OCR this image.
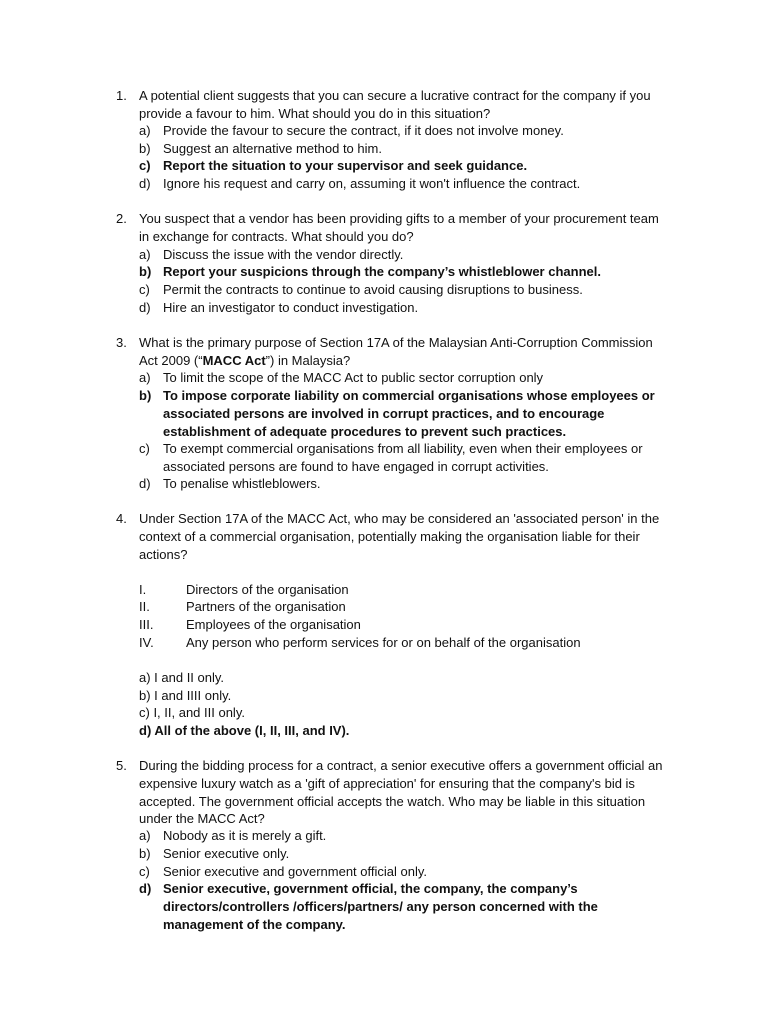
1. A potential client suggests that you can secure a lucrative contract for the company if you provide a favour to him. What should you do in this situation?
a) Provide the favour to secure the contract, if it does not involve money.
b) Suggest an alternative method to him.
c) Report the situation to your supervisor and seek guidance.
d) Ignore his request and carry on, assuming it won't influence the contract.
2. You suspect that a vendor has been providing gifts to a member of your procurement team in exchange for contracts. What should you do?
a) Discuss the issue with the vendor directly.
b) Report your suspicions through the company’s whistleblower channel.
c)	Permit the contracts to continue to avoid causing disruptions to business.
d) Hire an investigator to conduct investigation.
3. What is the primary purpose of Section 17A of the Malaysian Anti-Corruption Commission Act 2009 (“MACC Act”) in Malaysia?
a) To limit the scope of the MACC Act to public sector corruption only
b) To impose corporate liability on commercial organisations whose employees or associated persons are involved in corrupt practices, and to encourage establishment of adequate procedures to prevent such practices.
c)	To exempt commercial organisations from all liability, even when their employees or associated persons are found to have engaged in corrupt activities.
d) To penalise whistleblowers.
4. Under Section 17A of the MACC Act, who may be considered an 'associated person' in the context of a commercial organisation, potentially making the organisation liable for their actions?
I.	Directors of the organisation
II.	Partners of the organisation
III.	Employees of the organisation
IV.	Any person who perform services for or on behalf of the organisation
a) I and II only.
b) I and IIII only.
c) I, II, and III only.
d) All of the above (I, II, III, and IV).
5. During the bidding process for a contract, a senior executive offers a government official an expensive luxury watch as a 'gift of appreciation' for ensuring that the company's bid is accepted. The government official accepts the watch. Who may be liable in this situation under the MACC Act?
a) Nobody as it is merely a gift.
b) Senior executive only.
c)	Senior executive and government official only.
d) Senior executive, government official, the company, the company’s directors/controllers /officers/partners/ any person concerned with the management of the company.
